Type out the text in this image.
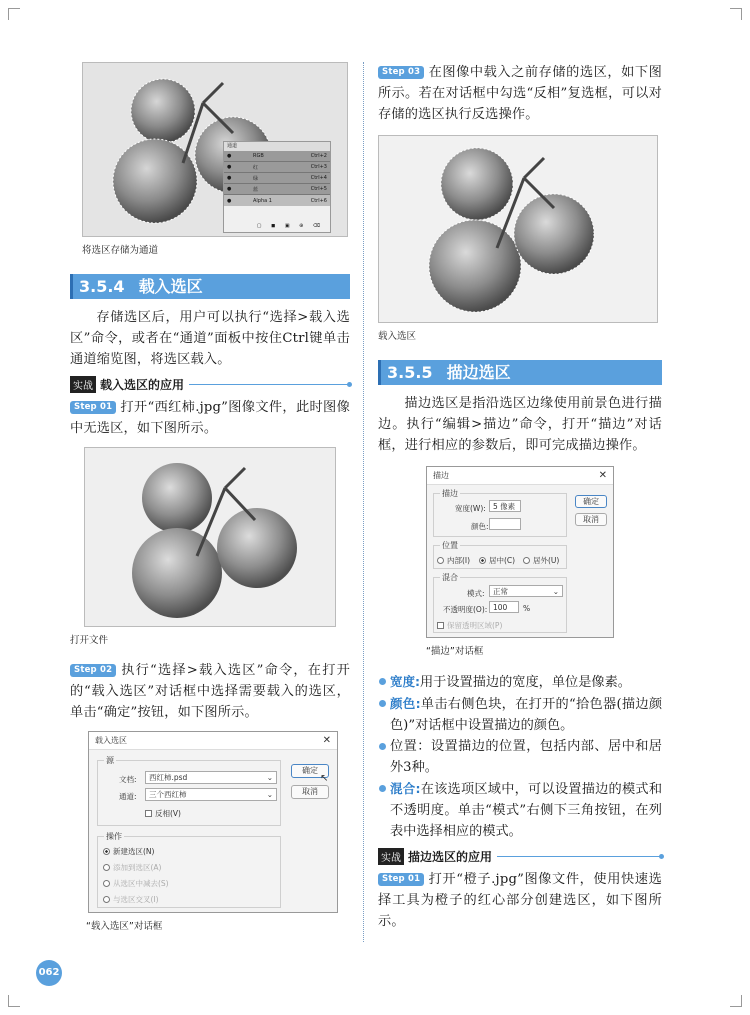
通道
●	RGB	Ctrl+2
●	红	Ctrl+3
●	绿	Ctrl+4
●	蓝	Ctrl+5
●	Alpha 1	Ctrl+6
▢ ◼ ▣ ⊕ ⌫
将选区存储为通道
3.5.4 载入选区

存储选区后，用户可以执行“选择>载入选区”命令，或者在“通道”面板中按住Ctrl键单击通道缩览图，将选区载入。

实战 载入选区的应用

Step 01 打开“西红柿.jpg”图像文件，此时图像中无选区，如下图所示。

打开文件

Step 02 执行“选择>载入选区”命令，在打开的“载入选区”对话框中选择需要载入的选区，单击“确定”按钮，如下图所示。

载入选区	✕
源
文档:	西红柿.psd	⌄
通道:	三个西红柿	⌄
反相(V)
操作
新建选区(N)
添加到选区(A)
从选区中减去(S)
与选区交叉(I)
确定
取消
↖
“载入选区”对话框

Step 03 在图像中载入之前存储的选区，如下图所示。若在对话框中勾选“反相”复选框，可以对存储的选区执行反选操作。

载入选区
3.5.5 描边选区

描边选区是指沿选区边缘使用前景色进行描边。执行“编辑>描边”命令，打开“描边”对话框，进行相应的参数后，即可完成描边操作。

描边	✕
描边
宽度(W): 5 像素
颜色:
位置
内部(I)	居中(C)	居外(U)
混合
模式:	正常	⌄
不透明度(O): 100	%
保留透明区域(P)
确定
取消
“描边”对话框
宽度:用于设置描边的宽度，单位是像素。
颜色:单击右侧色块，在打开的“拾色器(描边颜色)”对话框中设置描边的颜色。
位置：设置描边的位置，包括内部、居中和居外3种。
混合:在该选项区域中，可以设置描边的模式和不透明度。单击“模式”右侧下三角按钮，在列表中选择相应的模式。
实战 描边选区的应用

Step 01 打开“橙子.jpg”图像文件，使用快速选择工具为橙子的红心部分创建选区，如下图所示。

062
